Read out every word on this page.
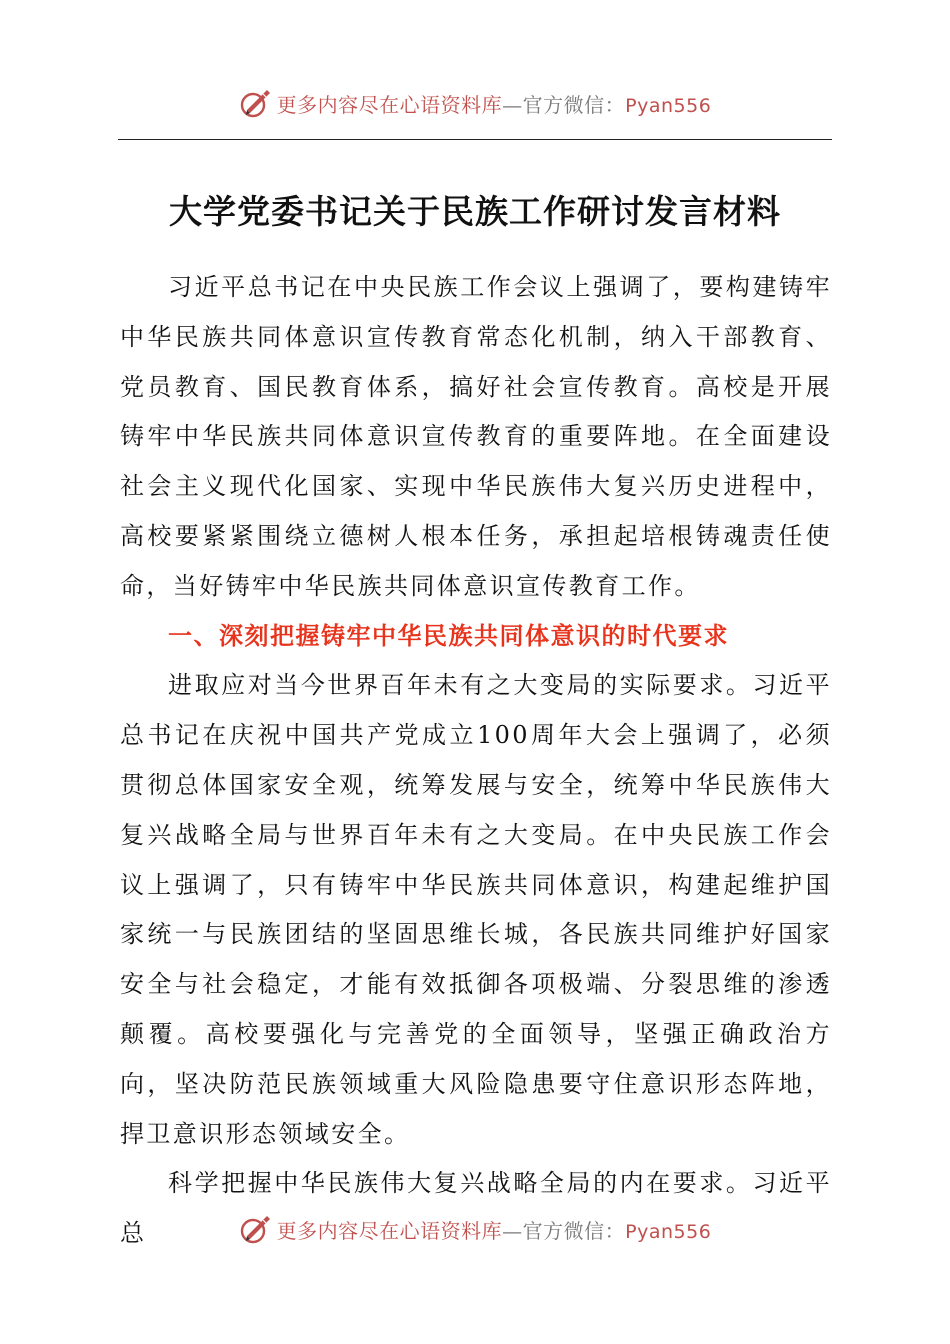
更多内容尽在心语资料库—官方微信：Pyan556
大学党委书记关于民族工作研讨发言材料

习近平总书记在中央民族工作会议上强调了，要构建铸牢中华民族共同体意识宣传教育常态化机制，纳入干部教育、党员教育、国民教育体系，搞好社会宣传教育。高校是开展铸牢中华民族共同体意识宣传教育的重要阵地。在全面建设社会主义现代化国家、实现中华民族伟大复兴历史进程中，高校要紧紧围绕立德树人根本任务，承担起培根铸魂责任使命，当好铸牢中华民族共同体意识宣传教育工作。

一、深刻把握铸牢中华民族共同体意识的时代要求

进取应对当今世界百年未有之大变局的实际要求。习近平总书记在庆祝中国共产党成立100周年大会上强调了，必须贯彻总体国家安全观，统筹发展与安全，统筹中华民族伟大复兴战略全局与世界百年未有之大变局。在中央民族工作会议上强调了，只有铸牢中华民族共同体意识，构建起维护国家统一与民族团结的坚固思维长城，各民族共同维护好国家安全与社会稳定，才能有效抵御各项极端、分裂思维的渗透颠覆。高校要强化与完善党的全面领导，坚强正确政治方向，坚决防范民族领域重大风险隐患要守住意识形态阵地，捍卫意识形态领域安全。

科学把握中华民族伟大复兴战略全局的内在要求。习近平总	更多内容尽在心语资料库—官方微信：Pyan556
